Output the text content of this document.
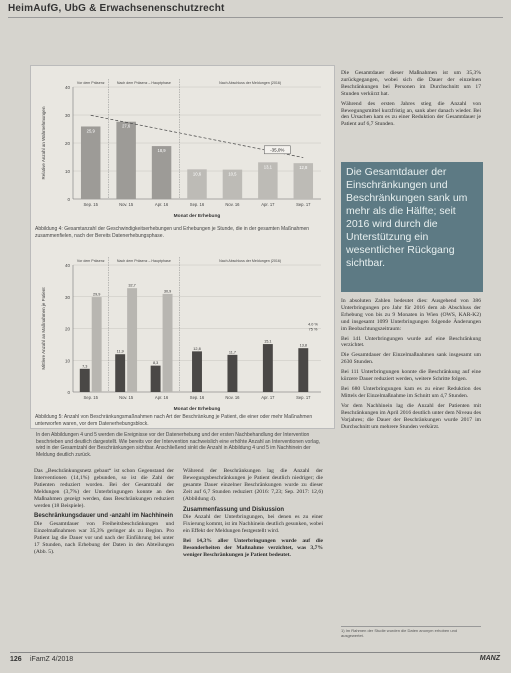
HeimAufG, UbG & Erwachsenenschutzrecht
0
10
20
30
40
Relative Anzahl an Wahrnehmungen
Monat der Erhebung
Vor dem Präsenz	Nach dem Präsenz – Hauptphase	Nach Abschluss der Meldungen (2016)
Sep. 15	Nov. 15	Apr. 16	Sep. 16	Nov. 16	Apr. 17	Sep. 17
25,9
27,6
18,9
10,6	10,5
13,1	12,8
-35,0%
Abbildung 4: Gesamtanzahl der Geschwindigkeitserhebungen und Erhebungen je Stunde, die in der gesamten Maßnahmen zusammenfielen, nach der Bereits Datenerhebungsphase.
0
10
20
30
40
Mittlere Anzahl an Maßnahmen je Patient
Monat der Erhebung
Vor dem Präsenz	Nach dem Präsenz – Hauptphase	Nach Abschluss der Meldungen (2016)
Sep. 15	Nov. 15	Apr. 16	Sep. 16	Nov. 16	Apr. 17	Sep. 17
7,3
29,9
11,9
32,7
8,3
30,9
12,8
11,7
15,1
13,8
4.0 %
75 %
Abbildung 5: Anzahl von Beschränkungsmaßnahmen nach Art der Beschränkung je Patient, die einer oder mehr Maßnahmen unterworfen waren, vor dem Datenerhebungsblock.
In den Abbildungen 4 und 5 werden die Ereignisse vor der Datenerhebung und der ersten Nachbehandlung der Intervention beschrieben und deutlich dargestellt. Wie bereits vor der Intervention nachweislich eine erhöhte Anzahl an Interventionen vorlag, wird in der Gesamtzahl der Beschränkungen sichtbar. Anschließend sinkt die Anzahl in Abbildung 4 und 5 im Nachhinein der Meldung deutlich zurück.

Das „Beschränkungsnetz gebaut“ ist schon Gegenstand der Interventionen (14,1%) gebunden, so ist die Zahl der Patienten reduziert worden. Bei der Gesamtzahl der Meldungen (3,7%) der Unterbringungen konnte an den Maßnahmen gezeigt werden, dass Beschränkungen reduziert werden (18 Beispiele).

Beschränkungsdauer und -anzahl im Nachhinein

Die Gesamtdauer von Freiheitsbeschränkungen und Einzelmaßnahmen war 35,3% geringer als zu Beginn. Pro Patient lag die Dauer vor und nach der Einführung bei unter 17 Stunden, nach Erhebung der Daten in den Abteilungen (Abb. 5).

Während der Beschränkungen lag die Anzahl der Bewegungsbeschränkungen je Patient deutlich niedriger; die gesamte Dauer einzelner Beschränkungen wurde zu dieser Zeit auf 6,7 Stunden reduziert (2016: 7,23; Sep. 2017: 12,6) (Abbildung 4).

Zusammenfassung und Diskussion

Die Anzahl der Unterbringungen, bei denen es zu einer Fixierung kommt, ist im Nachhinein deutlich gesunken, wobei ein Effekt der Meldungen festgestellt wird.

Bei 14,3% aller Unterbringungen wurde auf die Besonderheiten der Maßnahme verzichtet, was 3,7% weniger Beschränkungen je Patient bedeutet.

Die Gesamtdauer dieser Maßnahmen ist um 35,3% zurückgegangen, wobei sich die Dauer der einzelnen Beschränkungen bei Personen im Durchschnitt um 17 Stunden verkürzt hat.

Während des ersten Jahres stieg die Anzahl von Bewegungsmittel kurzfristig an, sank aber danach wieder. Bei den Ursachen kam es zu einer Reduktion der Gesamtdauer je Patient auf 6,7 Stunden.

Die Gesamtdauer der Einschränkungen und Beschränkungen sank um mehr als die Hälfte; seit 2016 wird durch die Unterstützung ein wesentlicher Rückgang sichtbar.

In absoluten Zahlen bedeutet dies: Ausgehend von 386 Unterbringungen pro Jahr für 2016 dem ab Abschluss der Erhebung von bis zu 9 Monaten in Wien (OWS, KAR-K2) und insgesamt 1099 Unterbringungen folgende Änderungen im Beobachtungszeitraum:

Bei 141 Unterbringungen wurde auf eine Beschränkung verzichtet.

Die Gesamtdauer der Einzelmaßnahmen sank insgesamt um 2630 Stunden.

Bei 111 Unterbringungen konnte die Beschränkung auf eine kürzere Dauer reduziert werden, weitere Schritte folgen.

Bei 680 Unterbringungen kam es zu einer Reduktion des Mittels der Einzelmaßnahme im Schnitt um 4,7 Stunden.

Vor dem Nachhinein lag die Anzahl der Patienten mit Beschränkungen im April 2016 deutlich unter dem Niveau des Vorjahres; die Dauer der Beschränkungen wurde 2017 im Durchschnitt um mehrere Stunden verkürzt.

1) Im Rahmen der Studie wurden die Daten anonym erhoben und ausgewertet.
126 iFamZ 4/2018	MANZ
